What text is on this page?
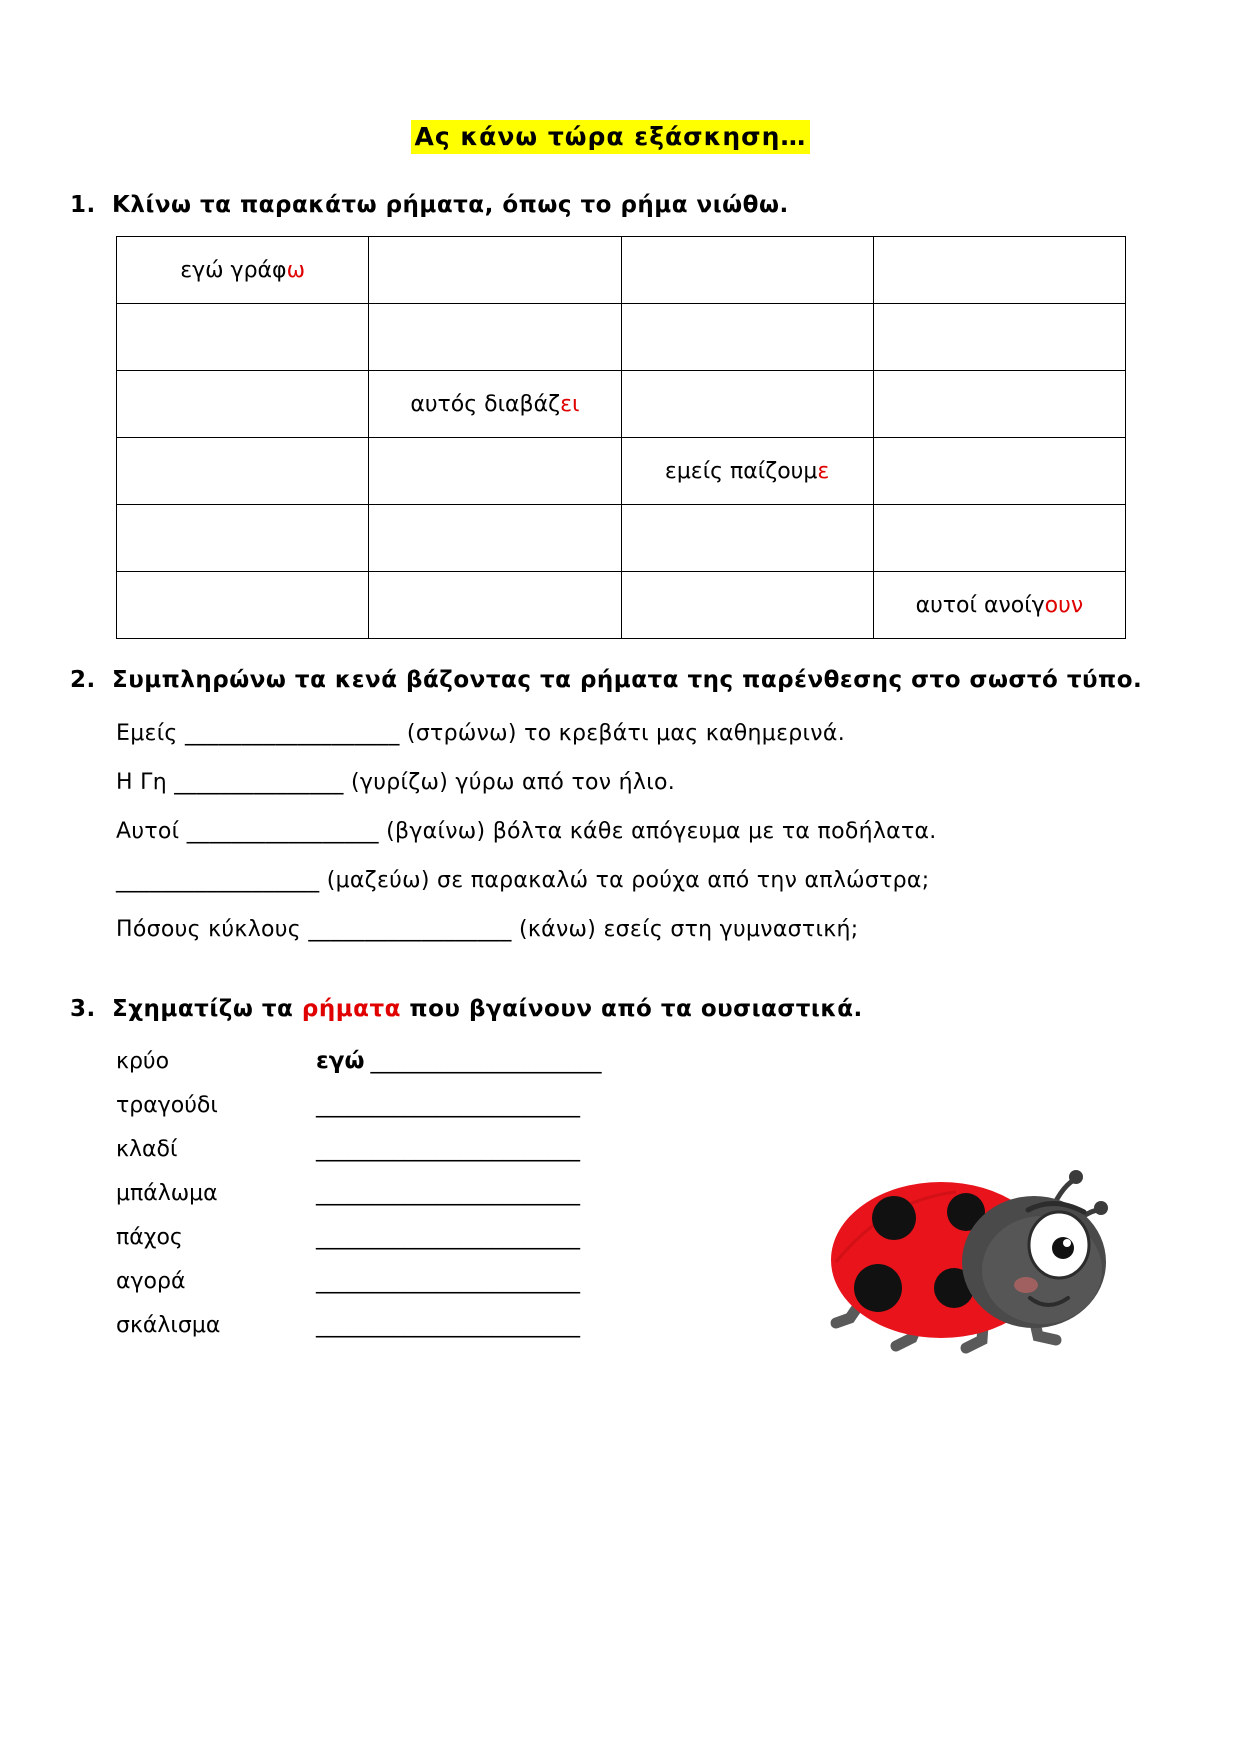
Ας κάνω τώρα εξάσκηση…
1. Κλίνω τα παρακάτω ρήματα, όπως το ρήμα νιώθω.
εγώ γράφω			

	αυτός διαβάζει		
		εμείς παίζουμε	

			αυτοί ανοίγουν
2. Συμπληρώνω τα κενά βάζοντας τα ρήματα της παρένθεσης στο σωστό τύπο.
Εμείς ___________________ (στρώνω) το κρεβάτι μας καθημερινά.
Η Γη _______________ (γυρίζω) γύρω από τον ήλιο.
Αυτοί _________________ (βγαίνω) βόλτα κάθε απόγευμα με τα ποδήλατα.
__________________ (μαζεύω) σε παρακαλώ τα ρούχα από την απλώστρα;
Πόσους κύκλους __________________ (κάνω) εσείς στη γυμναστική;
3. Σχηματίζω τα ρήματα που βγαίνουν από τα ουσιαστικά.
κρύο	εγώ _____________________
τραγούδι	________________________
κλαδί	________________________
μπάλωμα	________________________
πάχος	________________________
αγορά	________________________
σκάλισμα	________________________
